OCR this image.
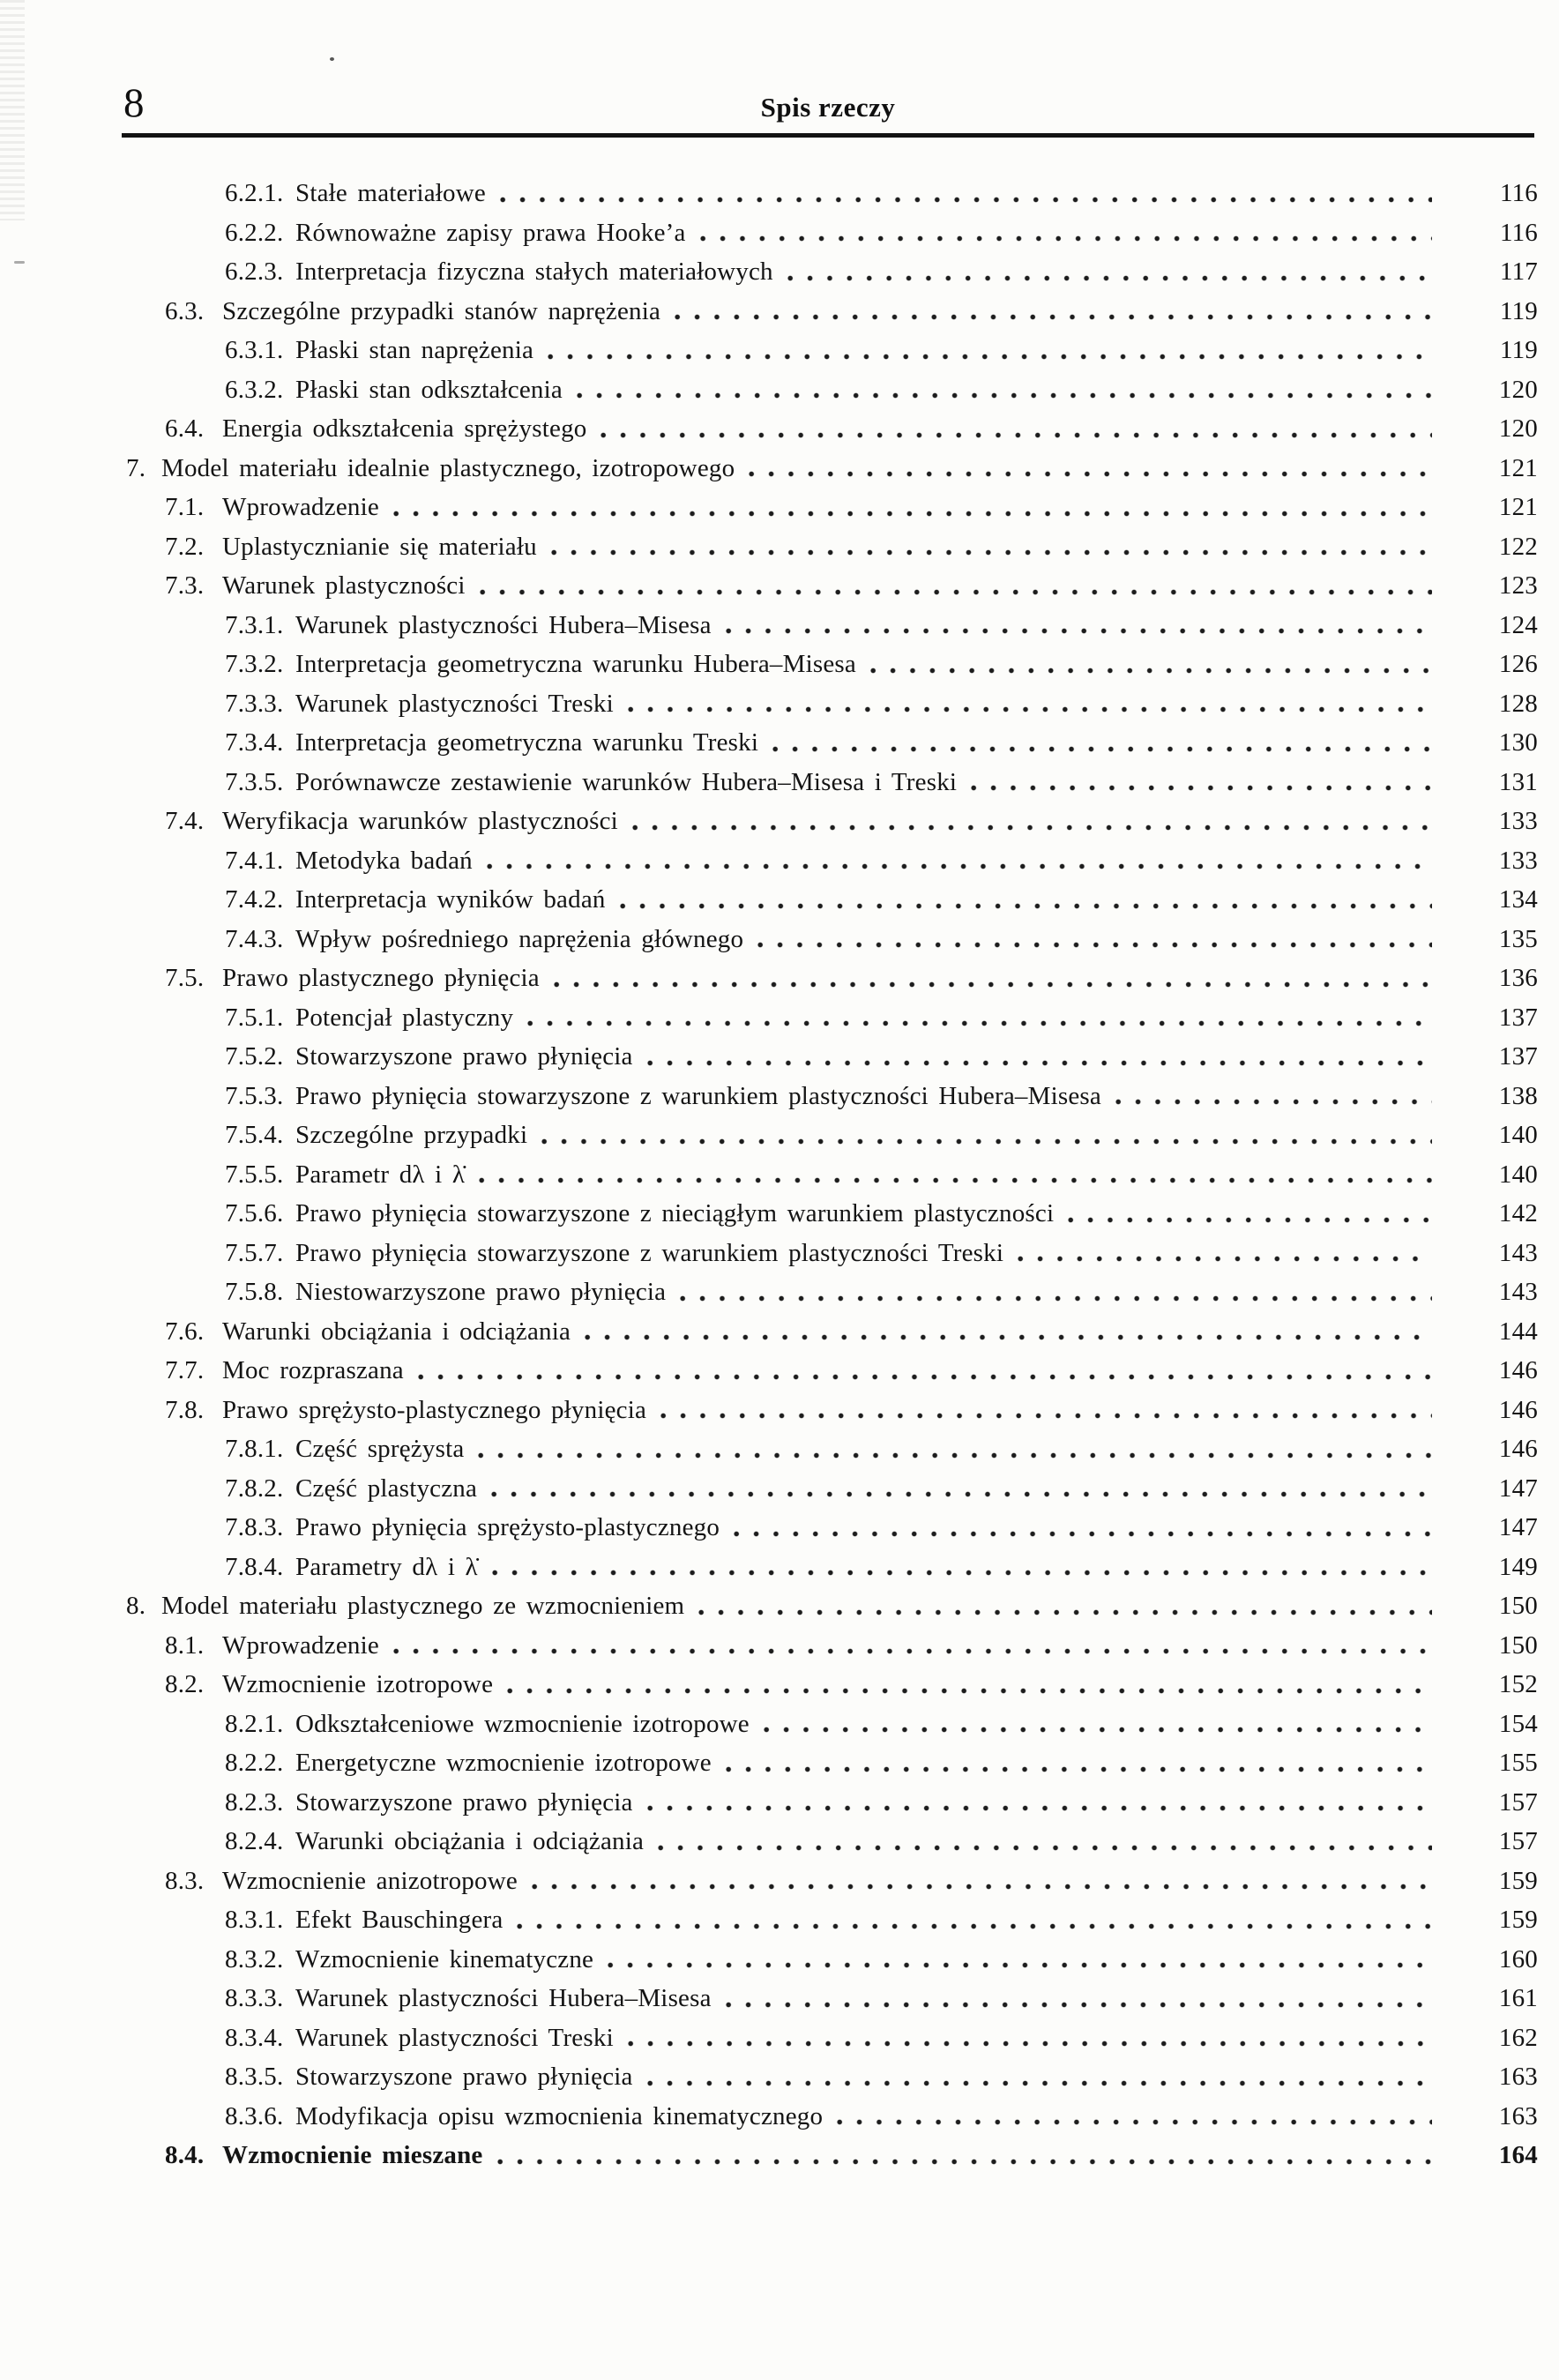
8	Spis rzeczy
6.2.1. Stałe materiałowe	116
6.2.2. Równoważne zapisy prawa Hooke’a	116
6.2.3. Interpretacja fizyczna stałych materiałowych	117
6.3. Szczególne przypadki stanów naprężenia	119
6.3.1. Płaski stan naprężenia	119
6.3.2. Płaski stan odkształcenia	120
6.4. Energia odkształcenia sprężystego	120
7. Model materiału idealnie plastycznego, izotropowego	121
7.1. Wprowadzenie	121
7.2. Uplastycznianie się materiału	122
7.3. Warunek plastyczności	123
7.3.1. Warunek plastyczności Hubera–Misesa	124
7.3.2. Interpretacja geometryczna warunku Hubera–Misesa	126
7.3.3. Warunek plastyczności Treski	128
7.3.4. Interpretacja geometryczna warunku Treski	130
7.3.5. Porównawcze zestawienie warunków Hubera–Misesa i Treski	131
7.4. Weryfikacja warunków plastyczności	133
7.4.1. Metodyka badań	133
7.4.2. Interpretacja wyników badań	134
7.4.3. Wpływ pośredniego naprężenia głównego	135
7.5. Prawo plastycznego płynięcia	136
7.5.1. Potencjał plastyczny	137
7.5.2. Stowarzyszone prawo płynięcia	137
7.5.3. Prawo płynięcia stowarzyszone z warunkiem plastyczności Hubera–Misesa	138
7.5.4. Szczególne przypadki	140
7.5.5. Parametr dλ i λ̇	140
7.5.6. Prawo płynięcia stowarzyszone z nieciągłym warunkiem plastyczności	142
7.5.7. Prawo płynięcia stowarzyszone z warunkiem plastyczności Treski	143
7.5.8. Niestowarzyszone prawo płynięcia	143
7.6. Warunki obciążania i odciążania	144
7.7. Moc rozpraszana	146
7.8. Prawo sprężysto-plastycznego płynięcia	146
7.8.1. Część sprężysta	146
7.8.2. Część plastyczna	147
7.8.3. Prawo płynięcia sprężysto-plastycznego	147
7.8.4. Parametry dλ i λ̇	149
8. Model materiału plastycznego ze wzmocnieniem	150
8.1. Wprowadzenie	150
8.2. Wzmocnienie izotropowe	152
8.2.1. Odkształceniowe wzmocnienie izotropowe	154
8.2.2. Energetyczne wzmocnienie izotropowe	155
8.2.3. Stowarzyszone prawo płynięcia	157
8.2.4. Warunki obciążania i odciążania	157
8.3. Wzmocnienie anizotropowe	159
8.3.1. Efekt Bauschingera	159
8.3.2. Wzmocnienie kinematyczne	160
8.3.3. Warunek plastyczności Hubera–Misesa	161
8.3.4. Warunek plastyczności Treski	162
8.3.5. Stowarzyszone prawo płynięcia	163
8.3.6. Modyfikacja opisu wzmocnienia kinematycznego	163
8.4. Wzmocnienie mieszane	164
